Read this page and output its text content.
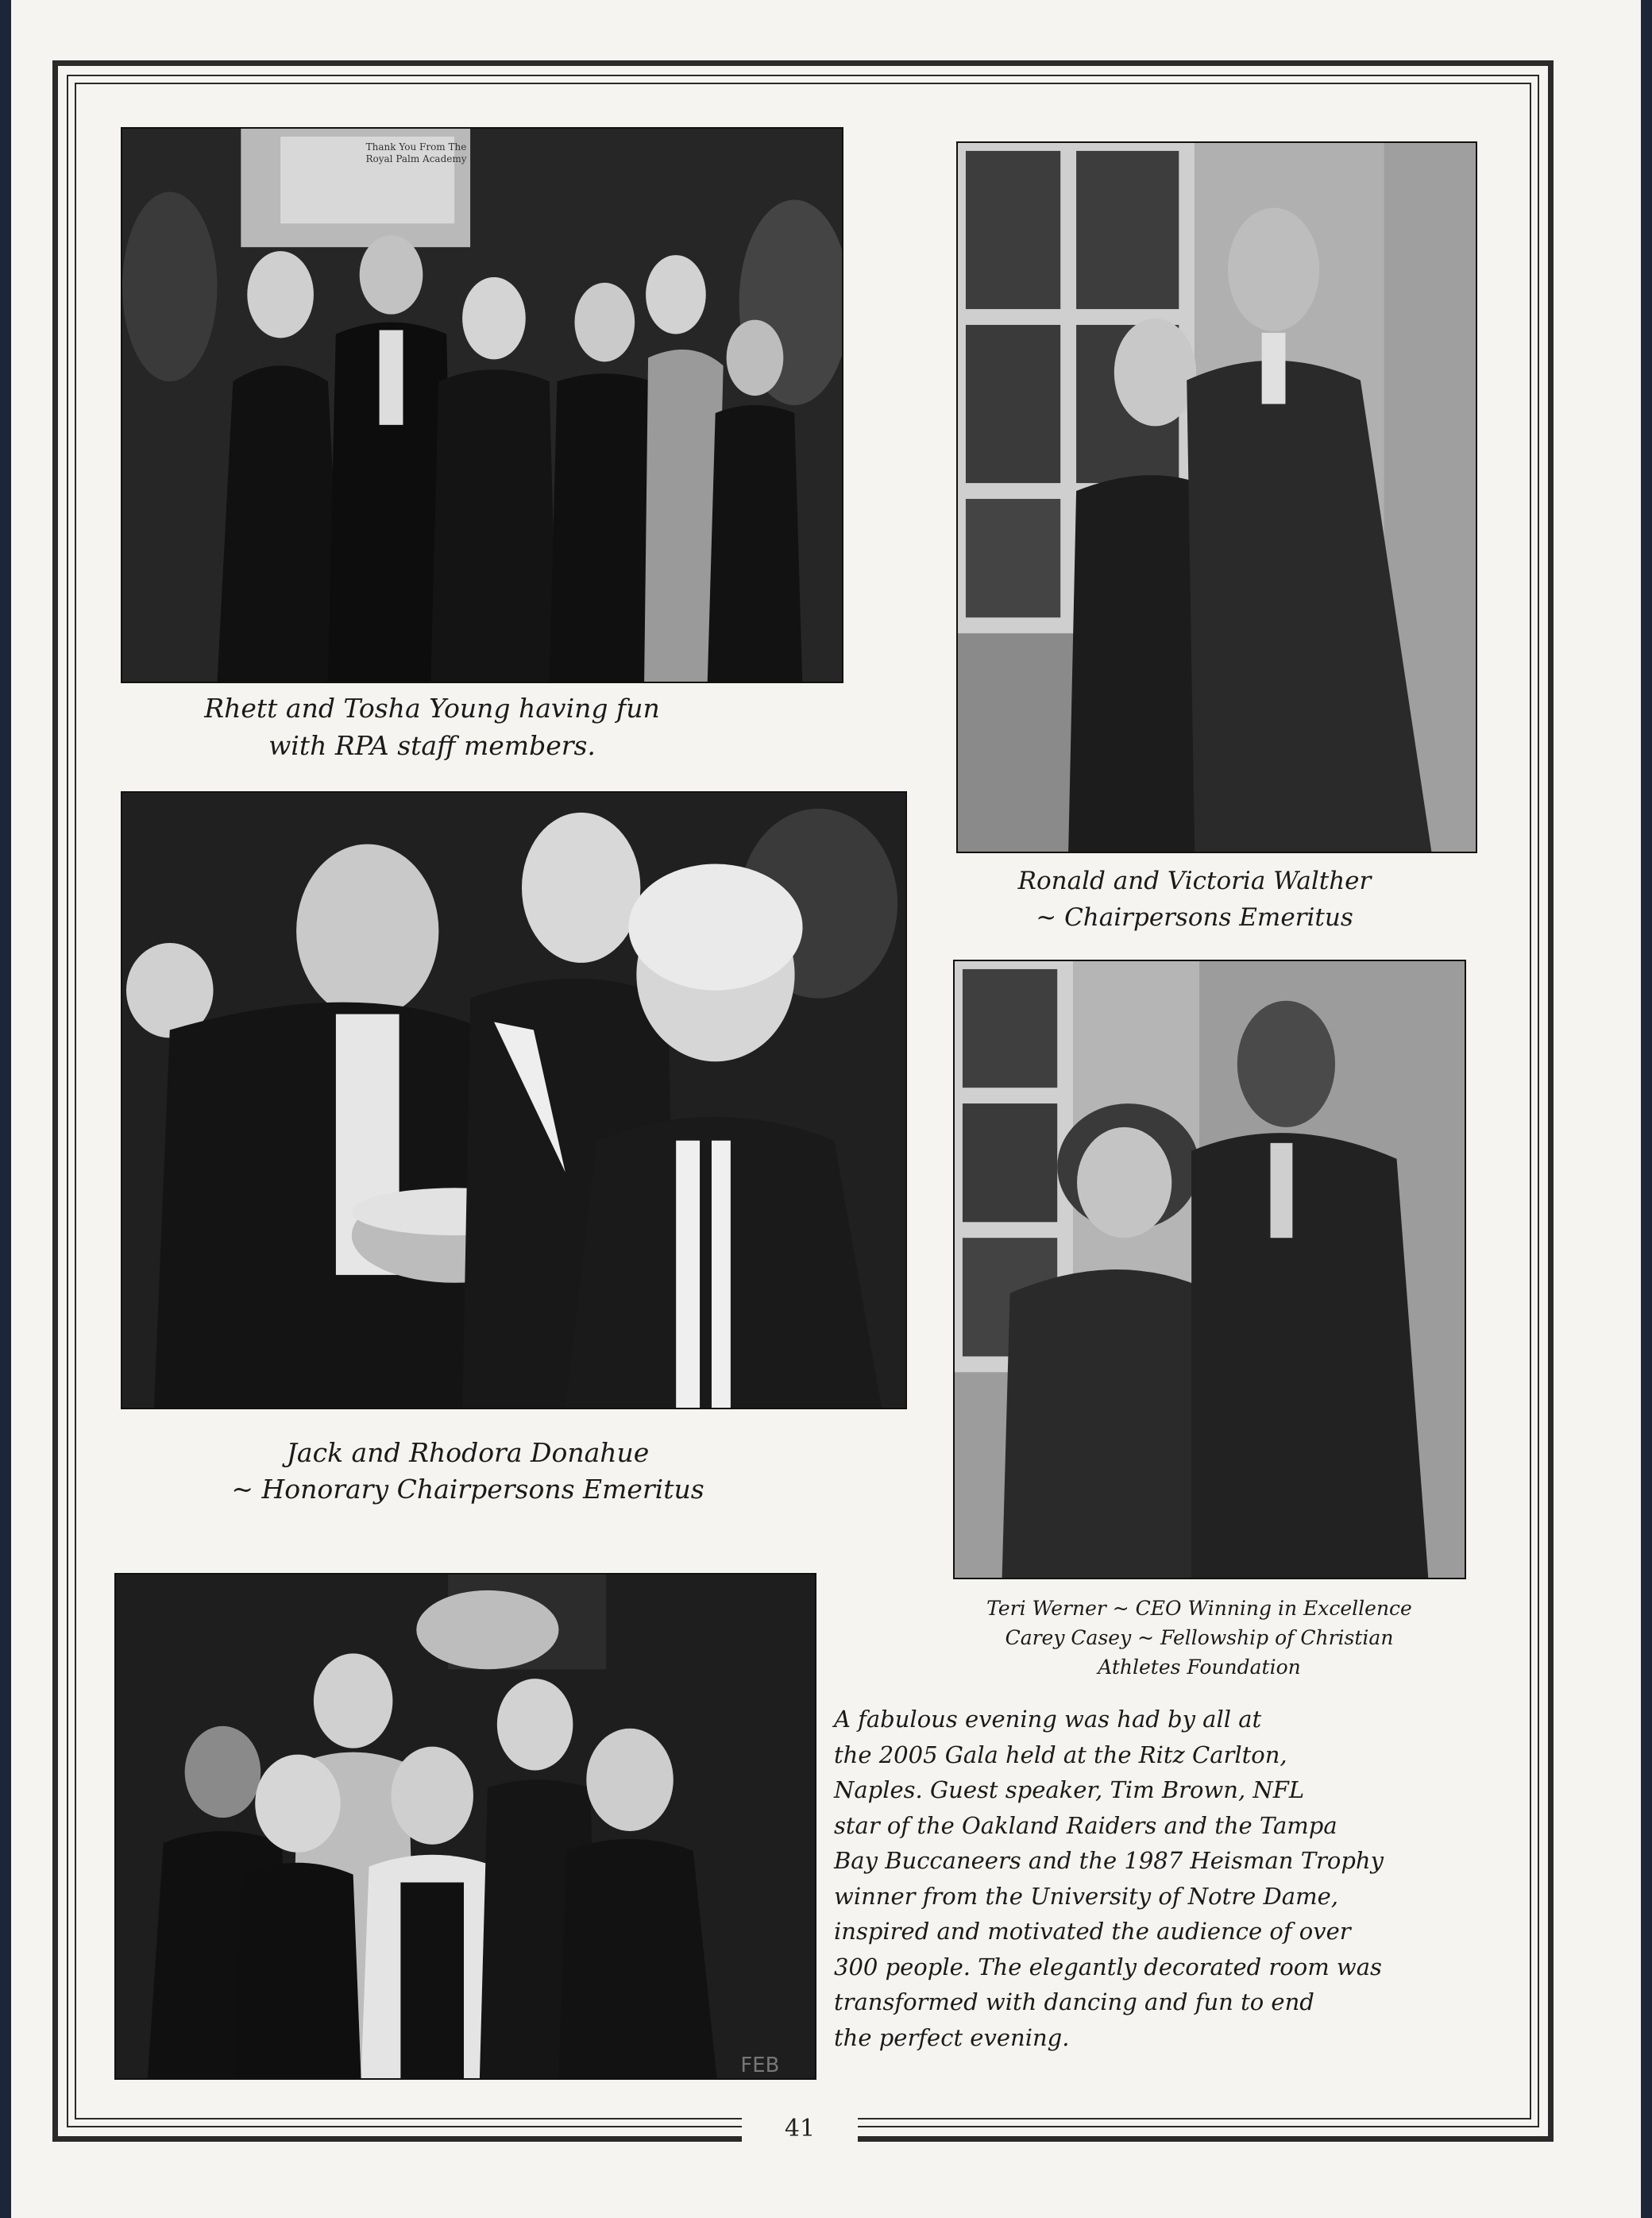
FEB
Rhett and Tosha Young having fun
with RPA staff members.
Ronald and Victoria Walther
~ Chairpersons Emeritus
Jack and Rhodora Donahue
~ Honorary Chairpersons Emeritus
Teri Werner ~ CEO Winning in Excellence
Carey Casey ~ Fellowship of Christian
Athletes Foundation
A fabulous evening was had by all at
the 2005 Gala held at the Ritz Carlton,
Naples. Guest speaker, Tim Brown, NFL
star of the Oakland Raiders and the Tampa
Bay Buccaneers and the 1987 Heisman Trophy
winner from the University of Notre Dame,
inspired and motivated the audience of over
300 people. The elegantly decorated room was
transformed with dancing and fun to end
the perfect evening.
Thank You From The Royal Palm Academy
41
